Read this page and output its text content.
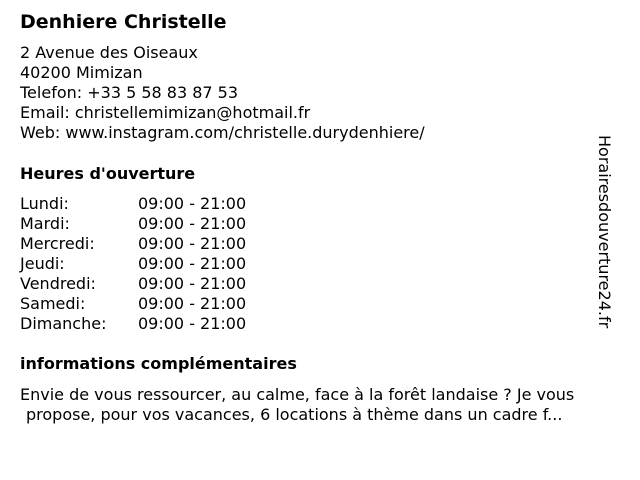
Denhiere Christelle
2 Avenue des Oiseaux
40200 Mimizan
Telefon: +33 5 58 83 87 53
Email: christellemimizan@hotmail.fr
Web: www.instagram.com/christelle.durydenhiere/
Heures d'ouverture
Lundi:	09:00 - 21:00
Mardi:	09:00 - 21:00
Mercredi:	09:00 - 21:00
Jeudi:	09:00 - 21:00
Vendredi:	09:00 - 21:00
Samedi:	09:00 - 21:00
Dimanche: 09:00 - 21:00
informations complémentaires
Envie de vous ressourcer, au calme, face à la forêt landaise ? Je vous
propose, pour vos vacances, 6 locations à thème dans un cadre f...
Horairesdouverture24.fr
